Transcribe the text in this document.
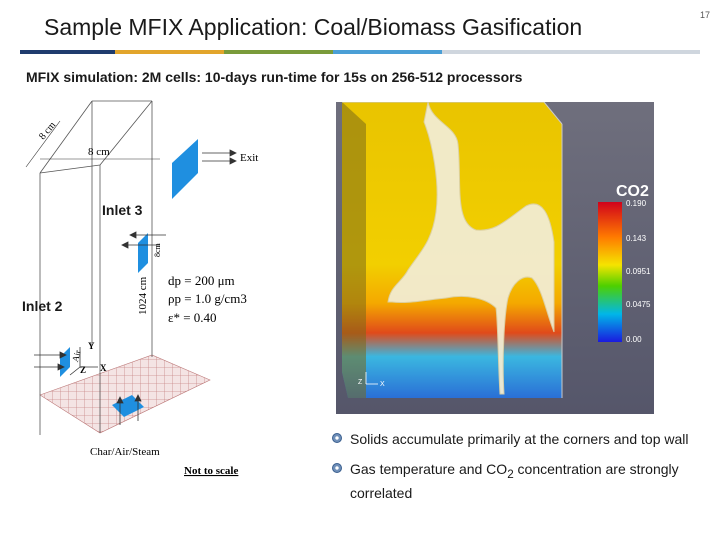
Sample MFIX Application: Coal/Biomass Gasification	17
MFIX simulation: 2M cells: 10-days run-time for 15s on 256-512 processors
8 cm
8 cm	Exit
Inlet 3
8cm
1024 cm dp = 200 μm
ρp = 1.0 g/cm3
ε* = 0.40
Inlet 2
Air
Y
Z X
Char/Air/Steam
Not to scale
CO2
0.190
0.143
0.0951
0.0475
0.00
Z	X
Solids accumulate primarily at the corners and top wall
Gas temperature and $CO_2$ concentration are strongly correlated
